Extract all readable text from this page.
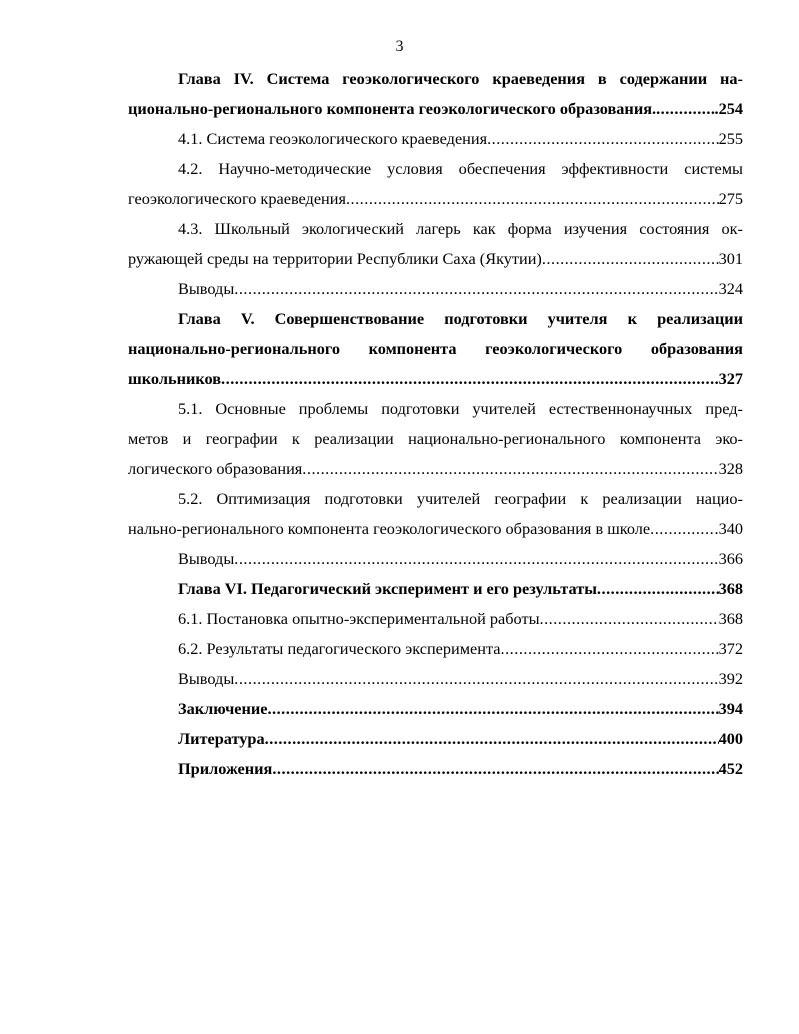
3
Глава IV. Система геоэкологического краеведения в содержании на-
ционально-регионального компонента геоэкологического образования. .....	.254
4.1. Система геоэкологического краеведения .....	255
4.2. Научно-методические условия обеспечения эффективности системы
геоэкологического краеведения .....	275
4.3. Школьный экологический лагерь как форма изучения состояния ок-
ружающей среды на территории Республики Саха (Якутии) .....	301
Выводы .....	324
Глава V. Совершенствование подготовки учителя к реализации
национально-регионального компонента геоэкологического образования
школьников .....	327
5.1. Основные проблемы подготовки учителей естественнонаучных пред-
метов и географии к реализации национально-регионального компонента эко-
логического образования .....	328
5.2. Оптимизация подготовки учителей географии к реализации нацио-
нально-регионального компонента геоэкологического образования в школе .....	.340
Выводы .....	366
Глава VI. Педагогический эксперимент и его результаты .....	368
6.1. Постановка опытно-экспериментальной работы .....	368
6.2. Результаты педагогического эксперимента .....	372
Выводы .....	392
Заключение .....	394
Литература .....	400
Приложения .....	452
